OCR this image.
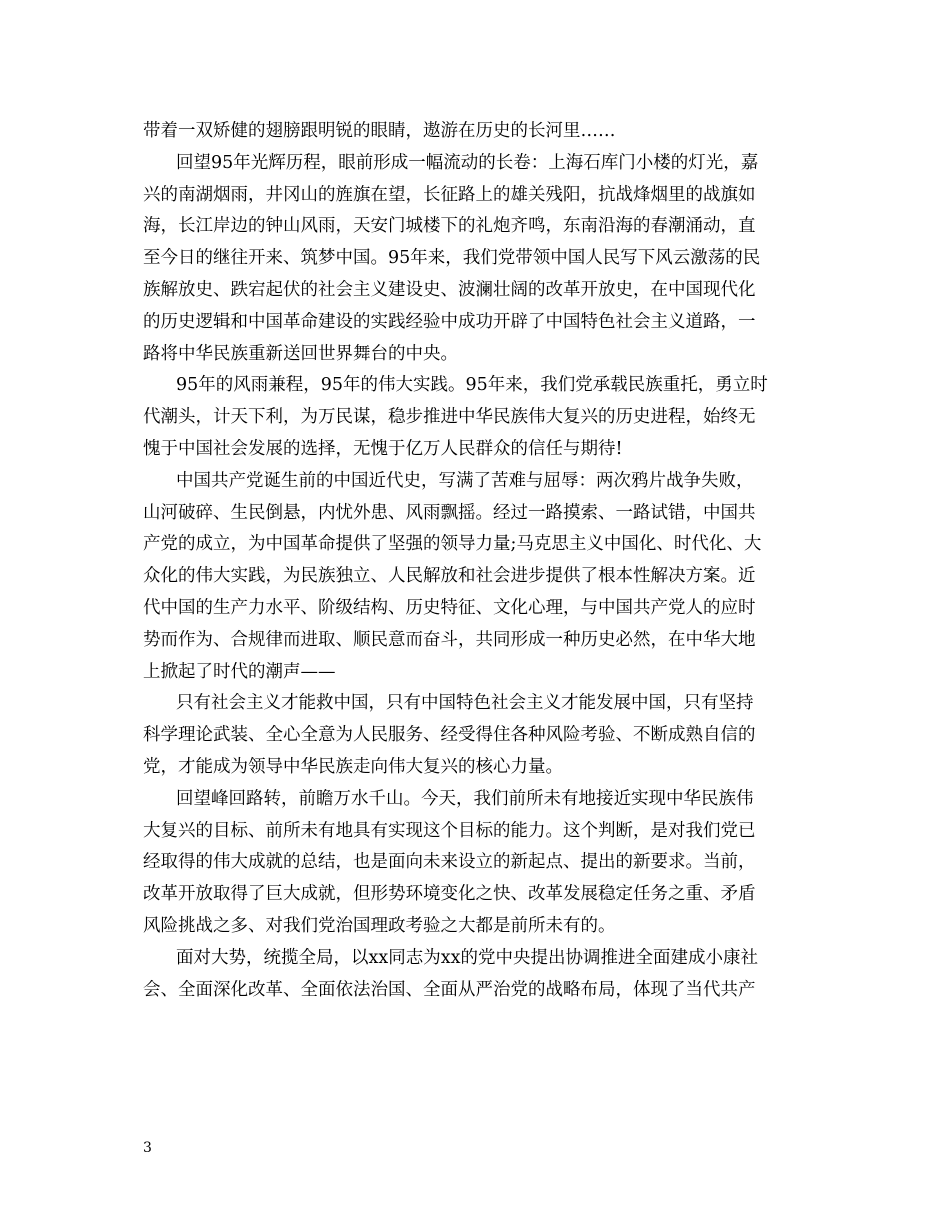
带着一双矫健的翅膀跟明锐的眼睛，遨游在历史的长河里……
回望95年光辉历程，眼前形成一幅流动的长卷：上海石库门小楼的灯光，嘉
兴的南湖烟雨，井冈山的旌旗在望，长征路上的雄关残阳，抗战烽烟里的战旗如
海，长江岸边的钟山风雨，天安门城楼下的礼炮齐鸣，东南沿海的春潮涌动，直
至今日的继往开来、筑梦中国。95年来，我们党带领中国人民写下风云激荡的民
族解放史、跌宕起伏的社会主义建设史、波澜壮阔的改革开放史，在中国现代化
的历史逻辑和中国革命建设的实践经验中成功开辟了中国特色社会主义道路，一
路将中华民族重新送回世界舞台的中央。
95年的风雨兼程，95年的伟大实践。95年来，我们党承载民族重托，勇立时
代潮头，计天下利，为万民谋，稳步推进中华民族伟大复兴的历史进程，始终无
愧于中国社会发展的选择，无愧于亿万人民群众的信任与期待!
中国共产党诞生前的中国近代史，写满了苦难与屈辱：两次鸦片战争失败，
山河破碎、生民倒悬，内忧外患、风雨飘摇。经过一路摸索、一路试错，中国共
产党的成立，为中国革命提供了坚强的领导力量;马克思主义中国化、时代化、大
众化的伟大实践，为民族独立、人民解放和社会进步提供了根本性解决方案。近
代中国的生产力水平、阶级结构、历史特征、文化心理，与中国共产党人的应时
势而作为、合规律而进取、顺民意而奋斗，共同形成一种历史必然，在中华大地
上掀起了时代的潮声——
只有社会主义才能救中国，只有中国特色社会主义才能发展中国，只有坚持
科学理论武装、全心全意为人民服务、经受得住各种风险考验、不断成熟自信的
党，才能成为领导中华民族走向伟大复兴的核心力量。
回望峰回路转，前瞻万水千山。今天，我们前所未有地接近实现中华民族伟
大复兴的目标、前所未有地具有实现这个目标的能力。这个判断，是对我们党已
经取得的伟大成就的总结，也是面向未来设立的新起点、提出的新要求。当前，
改革开放取得了巨大成就，但形势环境变化之快、改革发展稳定任务之重、矛盾
风险挑战之多、对我们党治国理政考验之大都是前所未有的。
面对大势，统揽全局，以xx同志为xx的党中央提出协调推进全面建成小康社
会、全面深化改革、全面依法治国、全面从严治党的战略布局，体现了当代共产
3
